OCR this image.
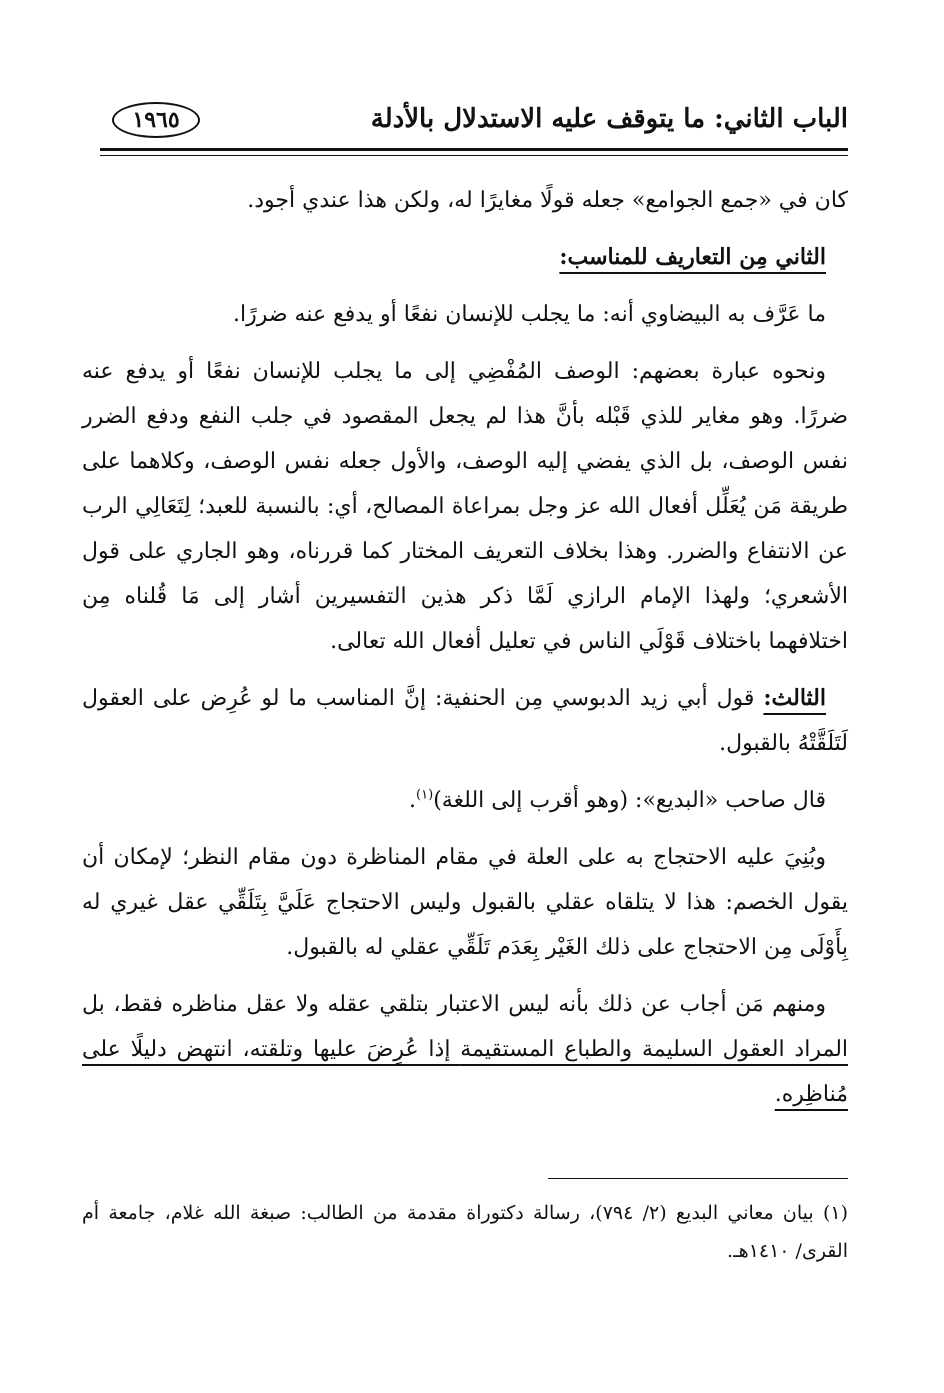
الباب الثاني: ما يتوقف عليه الاستدلال بالأدلة
١٩٦٥

كان في «جمع الجوامع» جعله قولًا مغايرًا له، ولكن هذا عندي أجود.

الثاني مِن التعاريف للمناسب:

ما عَرَّف به البيضاوي أنه: ما يجلب للإنسان نفعًا أو يدفع عنه ضررًا.

ونحوه عبارة بعضهم: الوصف المُفْضِي إلى ما يجلب للإنسان نفعًا أو يدفع عنه ضررًا. وهو مغاير للذي قَبْله بأنَّ هذا لم يجعل المقصود في جلب النفع ودفع الضرر نفس الوصف، بل الذي يفضي إليه الوصف، والأول جعله نفس الوصف، وكلاهما على طريقة مَن يُعَلِّل أفعال الله عز وجل بمراعاة المصالح، أي: بالنسبة للعبد؛ لِتَعَالِي الرب عن الانتفاع والضرر. وهذا بخلاف التعريف المختار كما قررناه، وهو الجاري على قول الأشعري؛ ولهذا الإمام الرازي لَمَّا ذكر هذين التفسيرين أشار إلى مَا قُلناه مِن اختلافهما باختلاف قَوْلَي الناس في تعليل أفعال الله تعالى.

الثالث: قول أبي زيد الدبوسي مِن الحنفية: إنَّ المناسب ما لو عُرِض على العقول لَتَلَقَّتْهُ بالقبول.

قال صاحب «البديع»: (وهو أقرب إلى اللغة)$^{(١)}$.

وبُنِيَ عليه الاحتجاج به على العلة في مقام المناظرة دون مقام النظر؛ لإمكان أن يقول الخصم: هذا لا يتلقاه عقلي بالقبول وليس الاحتجاج عَلَيَّ بِتَلَقِّي عقل غيري له بِأَوْلَى مِن الاحتجاج على ذلك الغَيْر بِعَدَم تَلَقِّي عقلي له بالقبول.

ومنهم مَن أجاب عن ذلك بأنه ليس الاعتبار بتلقي عقله ولا عقل مناظره فقط، بل المراد العقول السليمة والطباع المستقيمة إذا عُرِضَ عليها وتلقته، انتهض دليلًا على مُناظِره.

(١) بيان معاني البديع (٢/ ٧٩٤)، رسالة دكتوراة مقدمة من الطالب: صبغة الله غلام، جامعة أم القرى/ ١٤١٠هـ.
